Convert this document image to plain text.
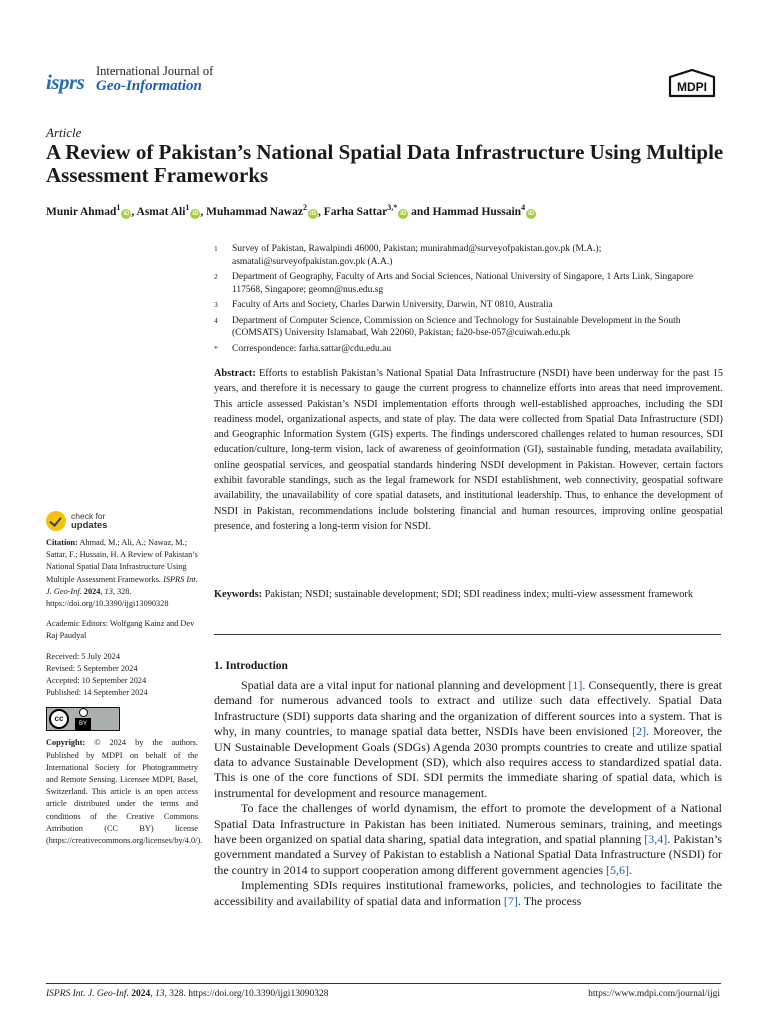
isprs International Journal of
Geo-Information	MDPI
Article
A Review of Pakistan’s National Spatial Data Infrastructure Using Multiple Assessment Frameworks
Munir Ahmad$^1$iD , Asmat Ali$^1$iD , Muhammad Nawaz$^2$iD , Farha Sattar$^{3,*}$iD and Hammad Hussain$^4$iD
1	Survey of Pakistan, Rawalpindi 46000, Pakistan; munirahmad@surveyofpakistan.gov.pk (M.A.); asmatali@surveyofpakistan.gov.pk (A.A.)
2	Department of Geography, Faculty of Arts and Social Sciences, National University of Singapore, 1 Arts Link, Singapore 117568, Singapore; geomn@nus.edu.sg
3	Faculty of Arts and Society, Charles Darwin University, Darwin, NT 0810, Australia
4	Department of Computer Science, Commission on Science and Technology for Sustainable Development in the South (COMSATS) University Islamabad, Wah 22060, Pakistan; fa20-bse-057@cuiwah.edu.pk
*	Correspondence: farha.sattar@cdu.edu.au
Abstract: Efforts to establish Pakistan’s National Spatial Data Infrastructure (NSDI) have been underway for the past 15 years, and therefore it is necessary to gauge the current progress to channelize efforts into areas that need improvement. This article assessed Pakistan’s NSDI implementation efforts through well-established approaches, including the SDI readiness model, organizational aspects, and state of play. The data were collected from Spatial Data Infrastructure (SDI) and Geographic Information System (GIS) experts. The findings underscored challenges related to human resources, SDI education/culture, long-term vision, lack of awareness of geoinformation (GI), sustainable funding, metadata availability, online geospatial services, and geospatial standards hindering NSDI development in Pakistan. However, certain factors exhibit favorable standings, such as the legal framework for NSDI establishment, web connectivity, geospatial software availability, the unavailability of core spatial datasets, and institutional leadership. Thus, to enhance the development of NSDI in Pakistan, recommendations include bolstering financial and human resources, improving online geospatial presence, and fostering a long-term vision for NSDI.
Keywords: Pakistan; NSDI; sustainable development; SDI; SDI readiness index; multi-view assessment framework
check for
updates

Citation: Ahmad, M.; Ali, A.; Nawaz, M.; Sattar, F.; Hussain, H. A Review of Pakistan’s National Spatial Data Infrastructure Using Multiple Assessment Frameworks. ISPRS Int. J. Geo-Inf. 2024, 13, 328. https://doi.org/10.3390/ijgi13090328

Academic Editors: Wolfgang Kainz and Dev Raj Paudyal

Received: 5 July 2024
Revised: 5 September 2024
Accepted: 10 September 2024
Published: 14 September 2024
cc
BY

Copyright: © 2024 by the authors. Published by MDPI on behalf of the International Society for Photogrammetry and Remote Sensing. Licensee MDPI, Basel, Switzerland. This article is an open access article distributed under the terms and conditions of the Creative Commons Attribution (CC BY) license (https://creativecommons.org/licenses/by/4.0/).

1. Introduction

Spatial data are a vital input for national planning and development [1]. Consequently, there is great demand for numerous advanced tools to extract and utilize such data effectively. Spatial Data Infrastructure (SDI) supports data sharing and the organization of different sources into a system. That is why, in many countries, to manage spatial data better, NSDIs have been envisioned [2]. Moreover, the UN Sustainable Development Goals (SDGs) Agenda 2030 prompts countries to create and utilize spatial data to advance Sustainable Development (SD), which also requires access to standardized spatial data. This is one of the core functions of SDI. SDI permits the immediate sharing of spatial data, which is instrumental for development and resource management.

To face the challenges of world dynamism, the effort to promote the development of a National Spatial Data Infrastructure in Pakistan has been initiated. Numerous seminars, training, and meetings have been organized on spatial data sharing, spatial data integration, and spatial planning [3,4]. Pakistan’s government mandated a Survey of Pakistan to establish a National Spatial Data Infrastructure (NSDI) for the country in 2014 to support cooperation among different government agencies [5,6].

Implementing SDIs requires institutional frameworks, policies, and technologies to facilitate the accessibility and availability of spatial data and information [7]. The process

ISPRS Int. J. Geo-Inf. 2024, 13, 328. https://doi.org/10.3390/ijgi13090328	https://www.mdpi.com/journal/ijgi
